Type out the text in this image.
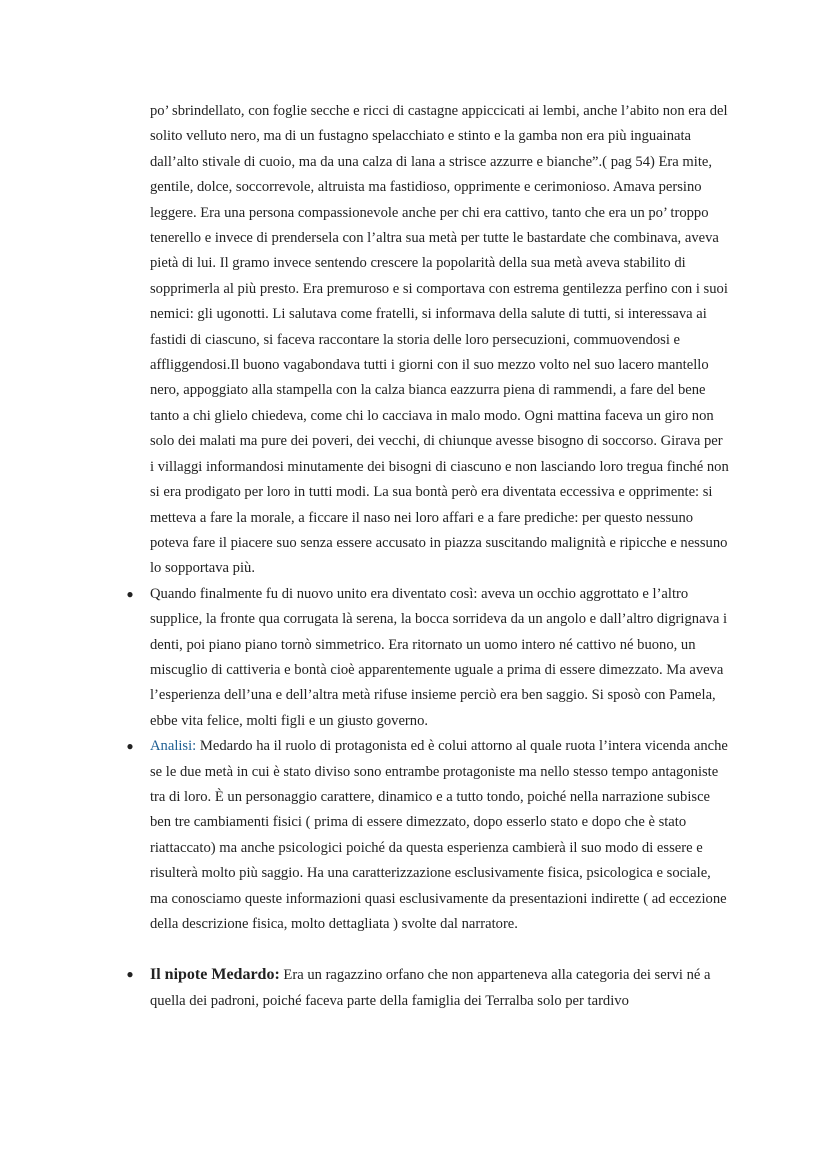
po’ sbrindellato, con foglie secche e ricci di castagne appiccicati ai lembi, anche l’abito non era del solito velluto nero, ma di un fustagno spelacchiato e stinto e la gamba non era più inguainata dall’alto stivale di cuoio, ma da una calza di lana a strisce azzurre e bianche”.( pag 54) Era mite, gentile, dolce, soccorrevole, altruista ma fastidioso, opprimente e cerimonioso. Amava persino leggere. Era una persona compassionevole anche per chi era cattivo, tanto che era un po’ troppo tenerello e invece di prendersela con l’altra sua metà per tutte le bastardate che combinava, aveva pietà di lui. Il gramo invece sentendo crescere la popolarità della sua metà aveva stabilito di sopprimerla al più presto. Era premuroso e si comportava con estrema gentilezza perfino con i suoi nemici: gli ugonotti. Li salutava come fratelli, si informava della salute di tutti, si interessava ai fastidi di ciascuno, si faceva raccontare la storia delle loro persecuzioni, commuovendosi e affliggendosi.Il buono vagabondava tutti i giorni con il suo mezzo volto nel suo lacero mantello nero, appoggiato alla stampella con la calza bianca eazzurra piena di rammendi, a fare del bene tanto a chi glielo chiedeva, come chi lo cacciava in malo modo. Ogni mattina faceva un giro non solo dei malati ma pure dei poveri, dei vecchi, di chiunque avesse bisogno di soccorso. Girava per i villaggi informandosi minutamente dei bisogni di ciascuno e non lasciando loro tregua finché non si era prodigato per loro in tutti modi. La sua bontà però era diventata eccessiva e opprimente: si metteva a fare la morale, a ficcare il naso nei loro affari e a fare prediche: per questo nessuno poteva fare il piacere suo senza essere accusato in piazza suscitando malignità e ripicche e nessuno lo sopportava più.

● Quando finalmente fu di nuovo unito era diventato così: aveva un occhio aggrottato e l’altro supplice, la fronte qua corrugata là serena, la bocca sorrideva da un angolo e dall’altro digrignava i denti, poi piano piano tornò simmetrico. Era ritornato un uomo intero né cattivo né buono, un miscuglio di cattiveria e bontà cioè apparentemente uguale a prima di essere dimezzato. Ma aveva l’esperienza dell’una e dell’altra metà rifuse insieme perciò era ben saggio. Si sposò con Pamela, ebbe vita felice, molti figli e un giusto governo.

● Analisi: Medardo ha il ruolo di protagonista ed è colui attorno al quale ruota l’intera vicenda anche se le due metà in cui è stato diviso sono entrambe protagoniste ma nello stesso tempo antagoniste tra di loro. È un personaggio carattere, dinamico e a tutto tondo, poiché nella narrazione subisce ben tre cambiamenti fisici ( prima di essere dimezzato, dopo esserlo stato e dopo che è stato riattaccato) ma anche psicologici poiché da questa esperienza cambierà il suo modo di essere e risulterà molto più saggio. Ha una caratterizzazione esclusivamente fisica, psicologica e sociale, ma conosciamo queste informazioni quasi esclusivamente da presentazioni indirette ( ad eccezione della descrizione fisica, molto dettagliata ) svolte dal narratore.

● Il nipote Medardo: Era un ragazzino orfano che non apparteneva alla categoria dei servi né a quella dei padroni, poiché faceva parte della famiglia dei Terralba solo per tardivo
